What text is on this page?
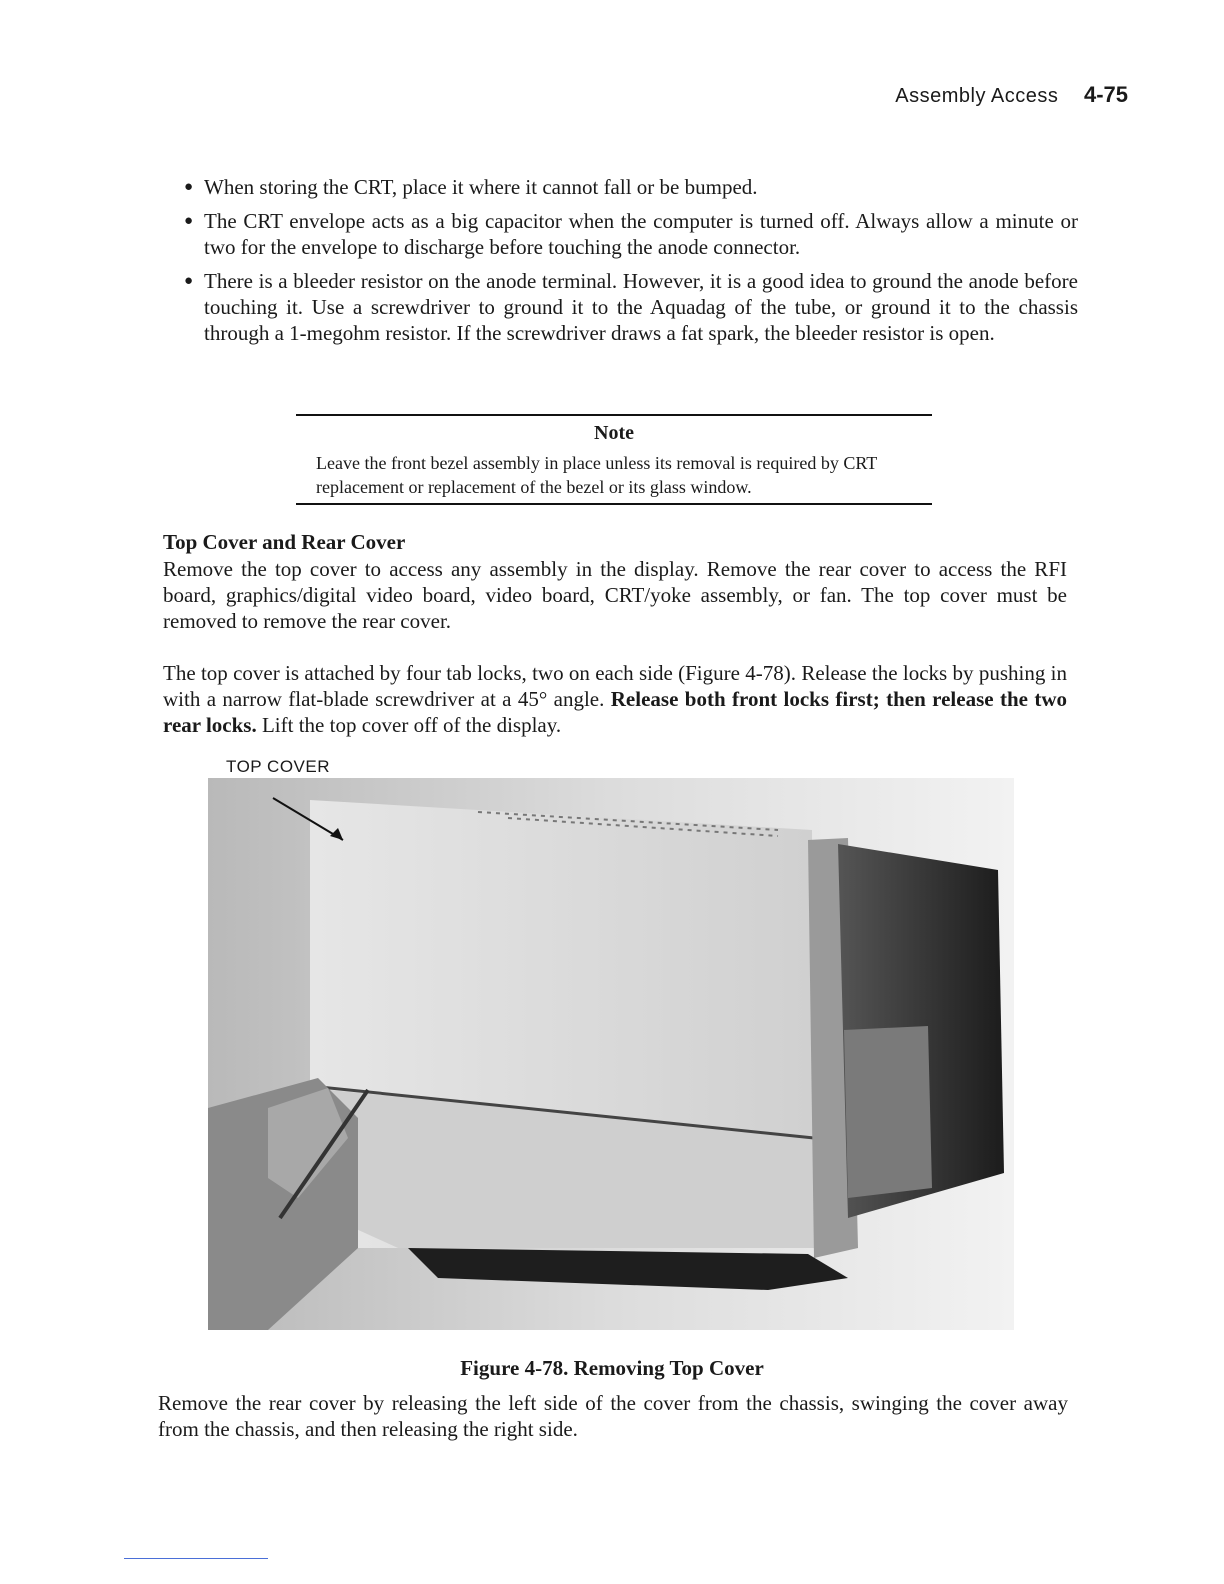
Assembly Access 4-75
● When storing the CRT, place it where it cannot fall or be bumped.
● The CRT envelope acts as a big capacitor when the computer is turned off. Always allow a minute or two for the envelope to discharge before touching the anode connector.
● There is a bleeder resistor on the anode terminal. However, it is a good idea to ground the anode before touching it. Use a screwdriver to ground it to the Aquadag of the tube, or ground it to the chassis through a 1-megohm resistor. If the screwdriver draws a fat spark, the bleeder resistor is open.
Note
Leave the front bezel assembly in place unless its removal is required by CRT replacement or replacement of the bezel or its glass window.
Top Cover and Rear Cover

Remove the top cover to access any assembly in the display. Remove the rear cover to access the RFI board, graphics/digital video board, video board, CRT/yoke assembly, or fan. The top cover must be removed to remove the rear cover.

The top cover is attached by four tab locks, two on each side (Figure 4-78). Release the locks by pushing in with a narrow flat-blade screwdriver at a 45° angle. Release both front locks first; then release the two rear locks. Lift the top cover off of the display.

TOP COVER
Figure 4-78. Removing Top Cover

Remove the rear cover by releasing the left side of the cover from the chassis, swinging the cover away from the chassis, and then releasing the right side.
